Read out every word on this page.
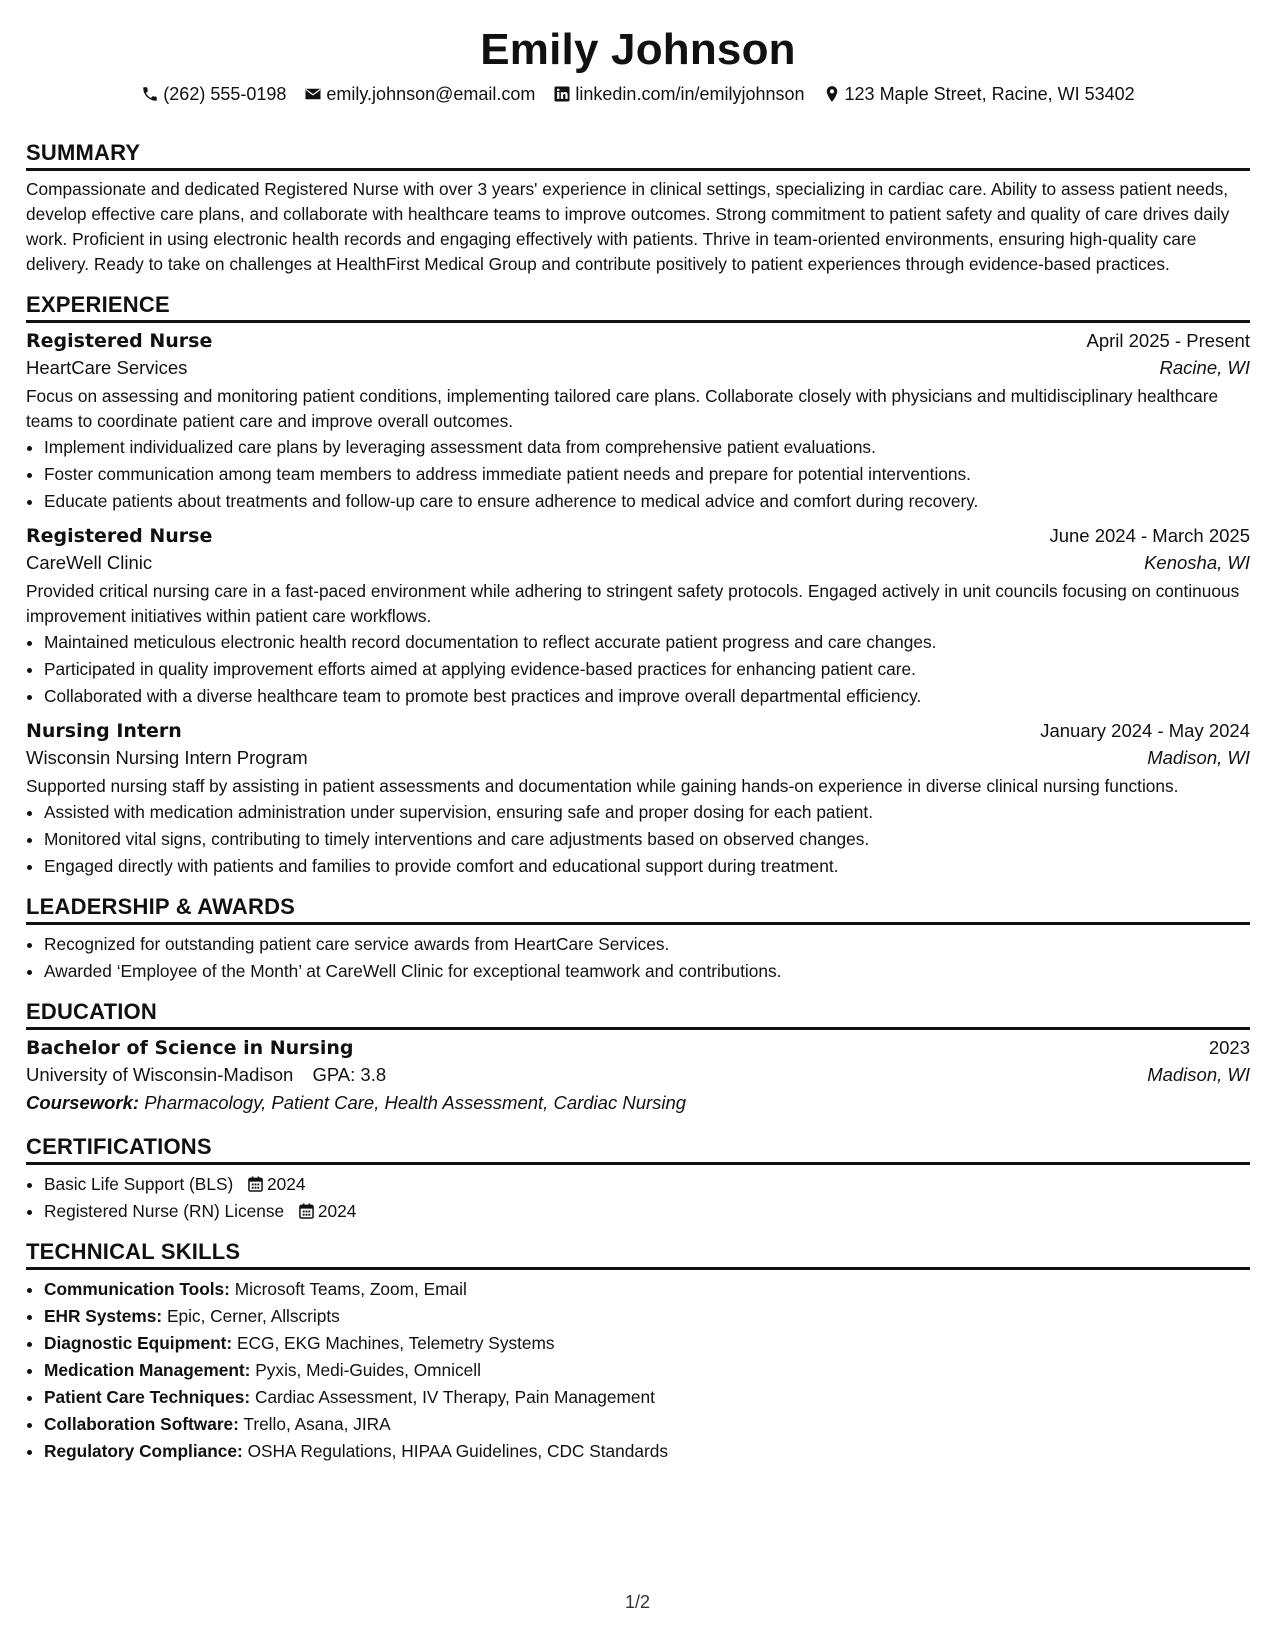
Emily Johnson
(262) 555-0198 emily.johnson@email.com linkedin.com/in/emilyjohnson 123 Maple Street, Racine, WI 53402
SUMMARY

Compassionate and dedicated Registered Nurse with over 3 years' experience in clinical settings, specializing in cardiac care. Ability to assess patient needs, develop effective care plans, and collaborate with healthcare teams to improve outcomes. Strong commitment to patient safety and quality of care drives daily work. Proficient in using electronic health records and engaging effectively with patients. Thrive in team-oriented environments, ensuring high-quality care delivery. Ready to take on challenges at HealthFirst Medical Group and contribute positively to patient experiences through evidence-based practices.

EXPERIENCE
Registered Nurse	April 2025 - Present
HeartCare Services	Racine, WI

Focus on assessing and monitoring patient conditions, implementing tailored care plans. Collaborate closely with physicians and multidisciplinary healthcare teams to coordinate patient care and improve overall outcomes.

• Implement individualized care plans by leveraging assessment data from comprehensive patient evaluations.
• Foster communication among team members to address immediate patient needs and prepare for potential interventions.
• Educate patients about treatments and follow-up care to ensure adherence to medical advice and comfort during recovery.
Registered Nurse	June 2024 - March 2025
CareWell Clinic	Kenosha, WI

Provided critical nursing care in a fast-paced environment while adhering to stringent safety protocols. Engaged actively in unit councils focusing on continuous improvement initiatives within patient care workflows.

• Maintained meticulous electronic health record documentation to reflect accurate patient progress and care changes.
• Participated in quality improvement efforts aimed at applying evidence-based practices for enhancing patient care.
• Collaborated with a diverse healthcare team to promote best practices and improve overall departmental efficiency.
Nursing Intern	January 2024 - May 2024
Wisconsin Nursing Intern Program	Madison, WI

Supported nursing staff by assisting in patient assessments and documentation while gaining hands-on experience in diverse clinical nursing functions.

• Assisted with medication administration under supervision, ensuring safe and proper dosing for each patient.
• Monitored vital signs, contributing to timely interventions and care adjustments based on observed changes.
• Engaged directly with patients and families to provide comfort and educational support during treatment.
LEADERSHIP & AWARDS
• Recognized for outstanding patient care service awards from HeartCare Services.
• Awarded ‘Employee of the Month’ at CareWell Clinic for exceptional teamwork and contributions.
EDUCATION
Bachelor of Science in Nursing	2023
University of Wisconsin-Madison GPA: 3.8	Madison, WI
Coursework: Pharmacology, Patient Care, Health Assessment, Cardiac Nursing
CERTIFICATIONS
• Basic Life Support (BLS) 2024
• Registered Nurse (RN) License 2024
TECHNICAL SKILLS
• Communication Tools: Microsoft Teams, Zoom, Email
• EHR Systems: Epic, Cerner, Allscripts
• Diagnostic Equipment: ECG, EKG Machines, Telemetry Systems
• Medication Management: Pyxis, Medi-Guides, Omnicell
• Patient Care Techniques: Cardiac Assessment, IV Therapy, Pain Management
• Collaboration Software: Trello, Asana, JIRA
• Regulatory Compliance: OSHA Regulations, HIPAA Guidelines, CDC Standards
1/2
